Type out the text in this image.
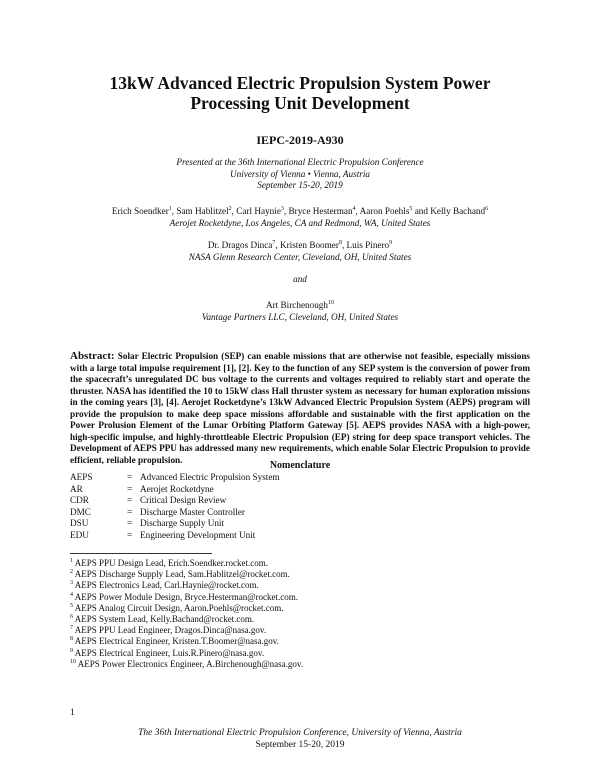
13kW Advanced Electric Propulsion System Power
Processing Unit Development
IEPC-2019-A930
Presented at the 36th International Electric Propulsion Conference
University of Vienna • Vienna, Austria
September 15-20, 2019
Erich Soendker$^1$, Sam Hablitzel$^2$, Carl Haynie$^3$, Bryce Hesterman$^4$, Aaron Poehls$^5$ and Kelly Bachand$^6$
Aerojet Rocketdyne, Los Angeles, CA and Redmond, WA, United States
Dr. Dragos Dinca$^7$, Kristen Boomer$^8$, Luis Pinero$^9$
NASA Glenn Research Center, Cleveland, OH, United States
and
Art Birchenough$^{10}$
Vantage Partners LLC, Cleveland, OH, United States
Abstract: Solar Electric Propulsion (SEP) can enable missions that are otherwise not feasible, especially missions with a large total impulse requirement [1], [2]. Key to the function of any SEP system is the conversion of power from the spacecraft’s unregulated DC bus voltage to the currents and voltages required to reliably start and operate the thruster. NASA has identified the 10 to 15kW class Hall thruster system as necessary for human exploration missions in the coming years [3], [4]. Aerojet Rocketdyne’s 13kW Advanced Electric Propulsion System (AEPS) program will provide the propulsion to make deep space missions affordable and sustainable with the first application on the Power Prolusion Element of the Lunar Orbiting Platform Gateway [5]. AEPS provides NASA with a high-power, high-specific impulse, and highly-throttleable Electric Propulsion (EP) string for deep space transport vehicles. The Development of AEPS PPU has addressed many new requirements, which enable Solar Electric Propulsion to provide efficient, reliable propulsion.
Nomenclature
AEPS	= Advanced Electric Propulsion System
AR	= Aerojet Rocketdyne
CDR	= Critical Design Review
DMC	= Discharge Master Controller
DSU	= Discharge Supply Unit
EDU	= Engineering Development Unit
$^1$ AEPS PPU Design Lead, Erich.Soendker.rocket.com.
$^2$ AEPS Discharge Supply Lead, Sam.Hablitzel@rocket.com.
$^3$ AEPS Electronics Lead, Carl.Haynie@rocket.com.
$^4$ AEPS Power Module Design, Bryce.Hesterman@rocket.com.
$^5$ AEPS Analog Circuit Design, Aaron.Poehls@rocket.com.
$^6$ AEPS System Lead, Kelly.Bachand@rocket.com.
$^7$ AEPS PPU Lead Engineer, Dragos.Dinca@nasa.gov.
$^8$ AEPS Electrical Engineer, Kristen.T.Boomer@nasa.gov.
$^9$ AEPS Electrical Engineer, Luis.R.Pinero@nasa.gov.
$^{10}$ AEPS Power Electronics Engineer, A.Birchenough@nasa.gov.
1
The 36th International Electric Propulsion Conference, University of Vienna, Austria
September 15-20, 2019
